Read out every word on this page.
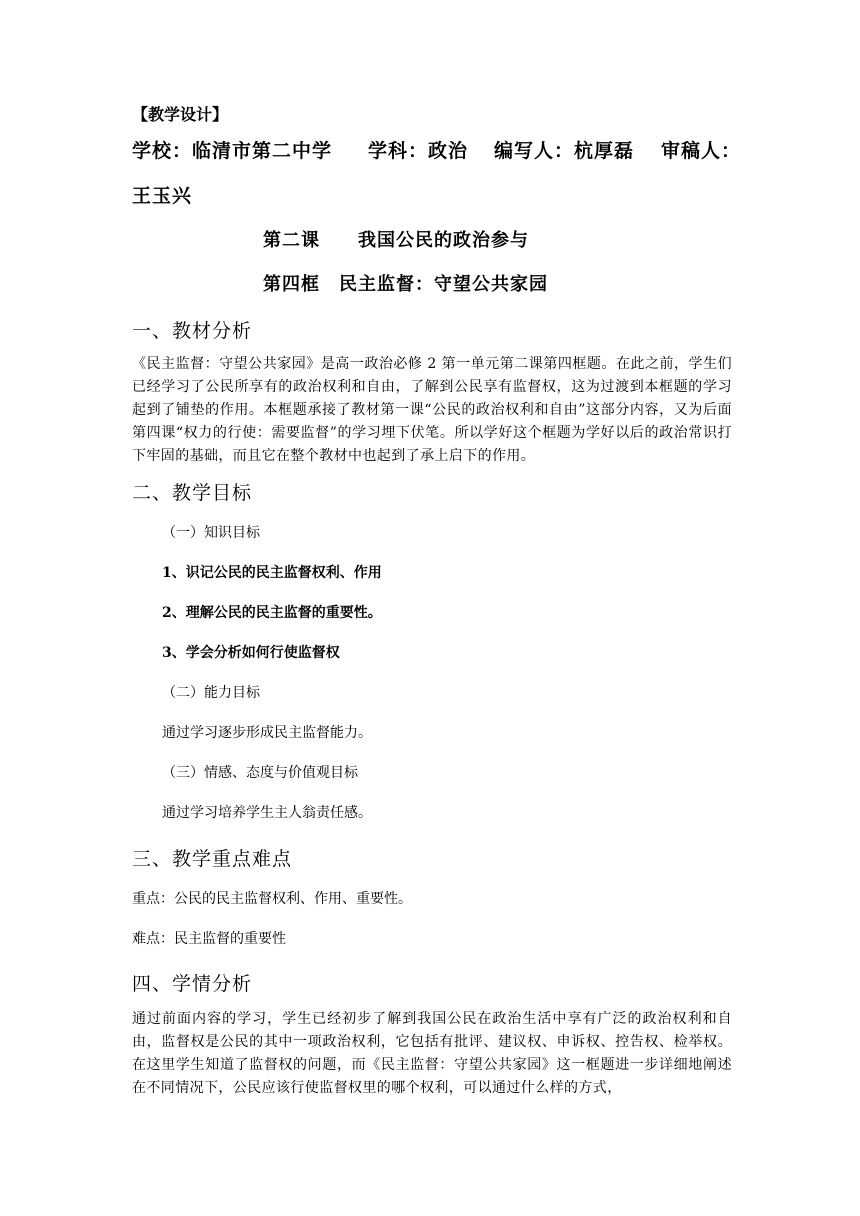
【教学设计】
学校：临清市第二中学 学科：政治 编写人：杭厚磊 审稿人：
王玉兴
第二课　　我国公民的政治参与
第四框　民主监督：守望公共家园
一、教材分析
《民主监督：守望公共家园》是高一政治必修 2 第一单元第二课第四框题。在此之前，学生们已经学习了公民所享有的政治权利和自由，了解到公民享有监督权，这为过渡到本框题的学习起到了铺垫的作用。本框题承接了教材第一课“公民的政治权利和自由”这部分内容，又为后面第四课“权力的行使：需要监督”的学习埋下伏笔。所以学好这个框题为学好以后的政治常识打下牢固的基础，而且它在整个教材中也起到了承上启下的作用。
二、教学目标
（一）知识目标
1、识记公民的民主监督权利、作用
2、理解公民的民主监督的重要性。
3、学会分析如何行使监督权
（二）能力目标
通过学习逐步形成民主监督能力。
（三）情感、态度与价值观目标
通过学习培养学生主人翁责任感。
三、教学重点难点
重点：公民的民主监督权利、作用、重要性。
难点：民主监督的重要性
四、学情分析
通过前面内容的学习，学生已经初步了解到我国公民在政治生活中享有广泛的政治权利和自由，监督权是公民的其中一项政治权利，它包括有批评、建议权、申诉权、控告权、检举权。在这里学生知道了监督权的问题，而《民主监督：守望公共家园》这一框题进一步详细地阐述在不同情况下，公民应该行使监督权里的哪个权利，可以通过什么样的方式，
